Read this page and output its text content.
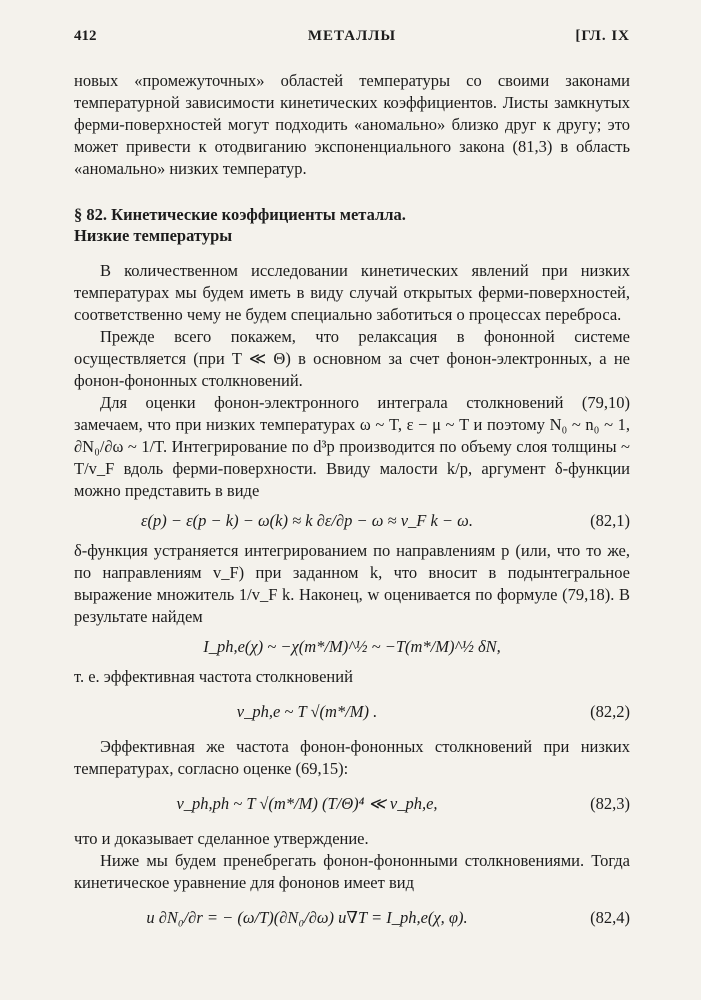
412	МЕТАЛЛЫ	[ГЛ. IX

новых «промежуточных» областей температуры со своими законами температурной зависимости кинетических коэффициентов. Листы замкнутых ферми-поверхностей могут подходить «аномально» близко друг к другу; это может привести к отодвиганию экспоненциального закона (81,3) в область «аномально» низких температур.

§ 82. Кинетические коэффициенты металла.
Низкие температуры

В количественном исследовании кинетических явлений при низких температурах мы будем иметь в виду случай открытых ферми-поверхностей, соответственно чему не будем специально заботиться о процессах переброса.

Прежде всего покажем, что релаксация в фононной системе осуществляется (при T ≪ Θ) в основном за счет фонон-электронных, а не фонон-фононных столкновений.

Для оценки фонон-электронного интеграла столкновений (79,10) замечаем, что при низких температурах ω ~ T, ε − μ ~ T и поэтому N₀ ~ n₀ ~ 1, ∂N₀/∂ω ~ 1/T. Интегрирование по d³p производится по объему слоя толщины ~ T/v_F вдоль ферми-поверхности. Ввиду малости k/p, аргумент δ-функции можно представить в виде

ε(p) − ε(p − k) − ω(k) ≈ k ∂ε/∂p − ω ≈ v_F k − ω.	(82,1)

δ-функция устраняется интегрированием по направлениям p (или, что то же, по направлениям v_F) при заданном k, что вносит в подынтегральное выражение множитель 1/v_F k. Наконец, w оценивается по формуле (79,18). В результате найдем

I_ph,e(χ) ~ −χ(m*/M)^½ ~ −T(m*/M)^½ δN,

т. е. эффективная частота столкновений

ν_ph,e ~ T √(m*/M) .	(82,2)

Эффективная же частота фонон-фононных столкновений при низких температурах, согласно оценке (69,15):

ν_ph,ph ~ T √(m*/M) (T/Θ)⁴ ≪ ν_ph,e,	(82,3)

что и доказывает сделанное утверждение.

Ниже мы будем пренебрегать фонон-фононными столкновениями. Тогда кинетическое уравнение для фононов имеет вид

u ∂N₀/∂r = − (ω/T)(∂N₀/∂ω) u∇T = I_ph,e(χ, φ).	(82,4)
